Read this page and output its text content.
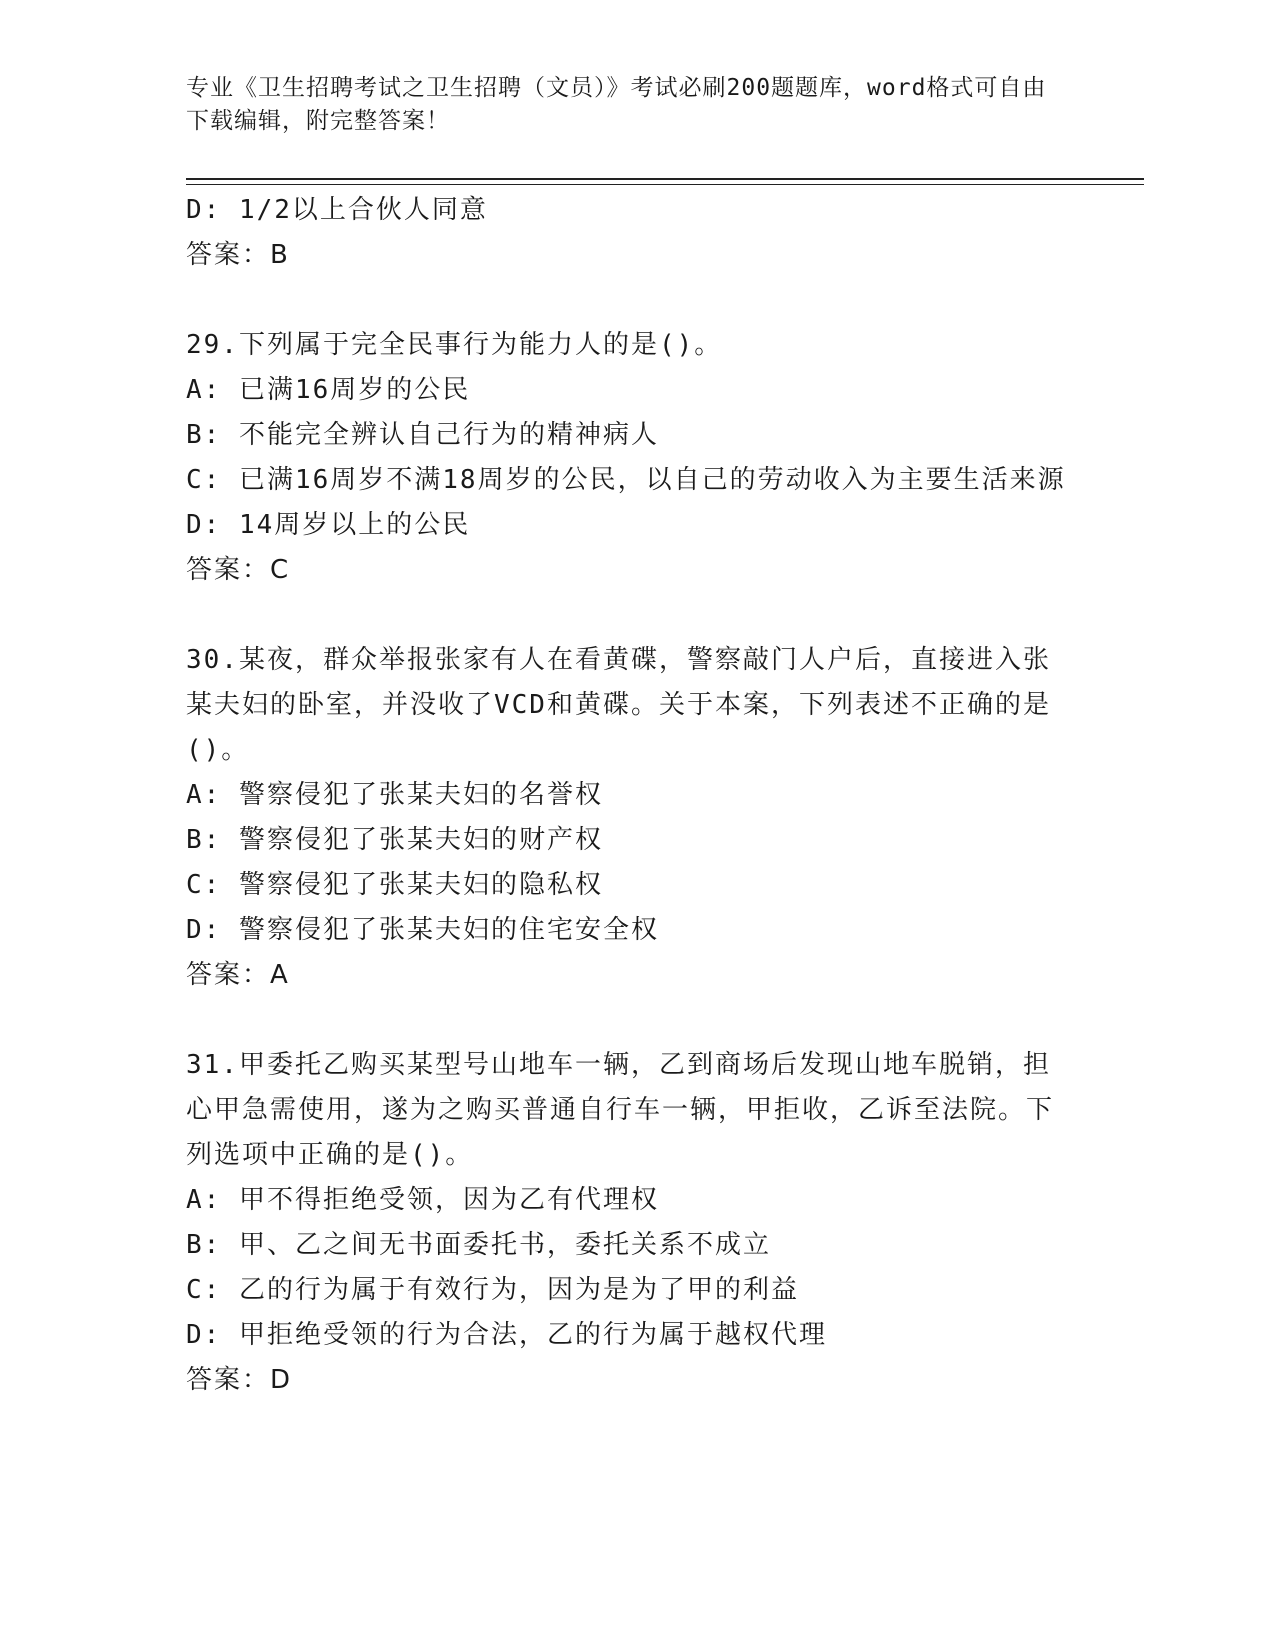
专业《卫生招聘考试之卫生招聘（文员）》考试必刷200题题库，word格式可自由下载编辑，附完整答案！
D: 1/2以上合伙人同意
答案：B
29.下列属于完全民事行为能力人的是()。
A: 已满16周岁的公民
B: 不能完全辨认自己行为的精神病人
C: 已满16周岁不满18周岁的公民，以自己的劳动收入为主要生活来源
D: 14周岁以上的公民
答案：C
30.某夜，群众举报张家有人在看黄碟，警察敲门人户后，直接进入张某夫妇的卧室，并没收了VCD和黄碟。关于本案，下列表述不正确的是()。
A: 警察侵犯了张某夫妇的名誉权
B: 警察侵犯了张某夫妇的财产权
C: 警察侵犯了张某夫妇的隐私权
D: 警察侵犯了张某夫妇的住宅安全权
答案：A
31.甲委托乙购买某型号山地车一辆，乙到商场后发现山地车脱销，担心甲急需使用，遂为之购买普通自行车一辆，甲拒收，乙诉至法院。下列选项中正确的是()。
A: 甲不得拒绝受领，因为乙有代理权
B: 甲、乙之间无书面委托书，委托关系不成立
C: 乙的行为属于有效行为，因为是为了甲的利益
D: 甲拒绝受领的行为合法，乙的行为属于越权代理
答案：D
